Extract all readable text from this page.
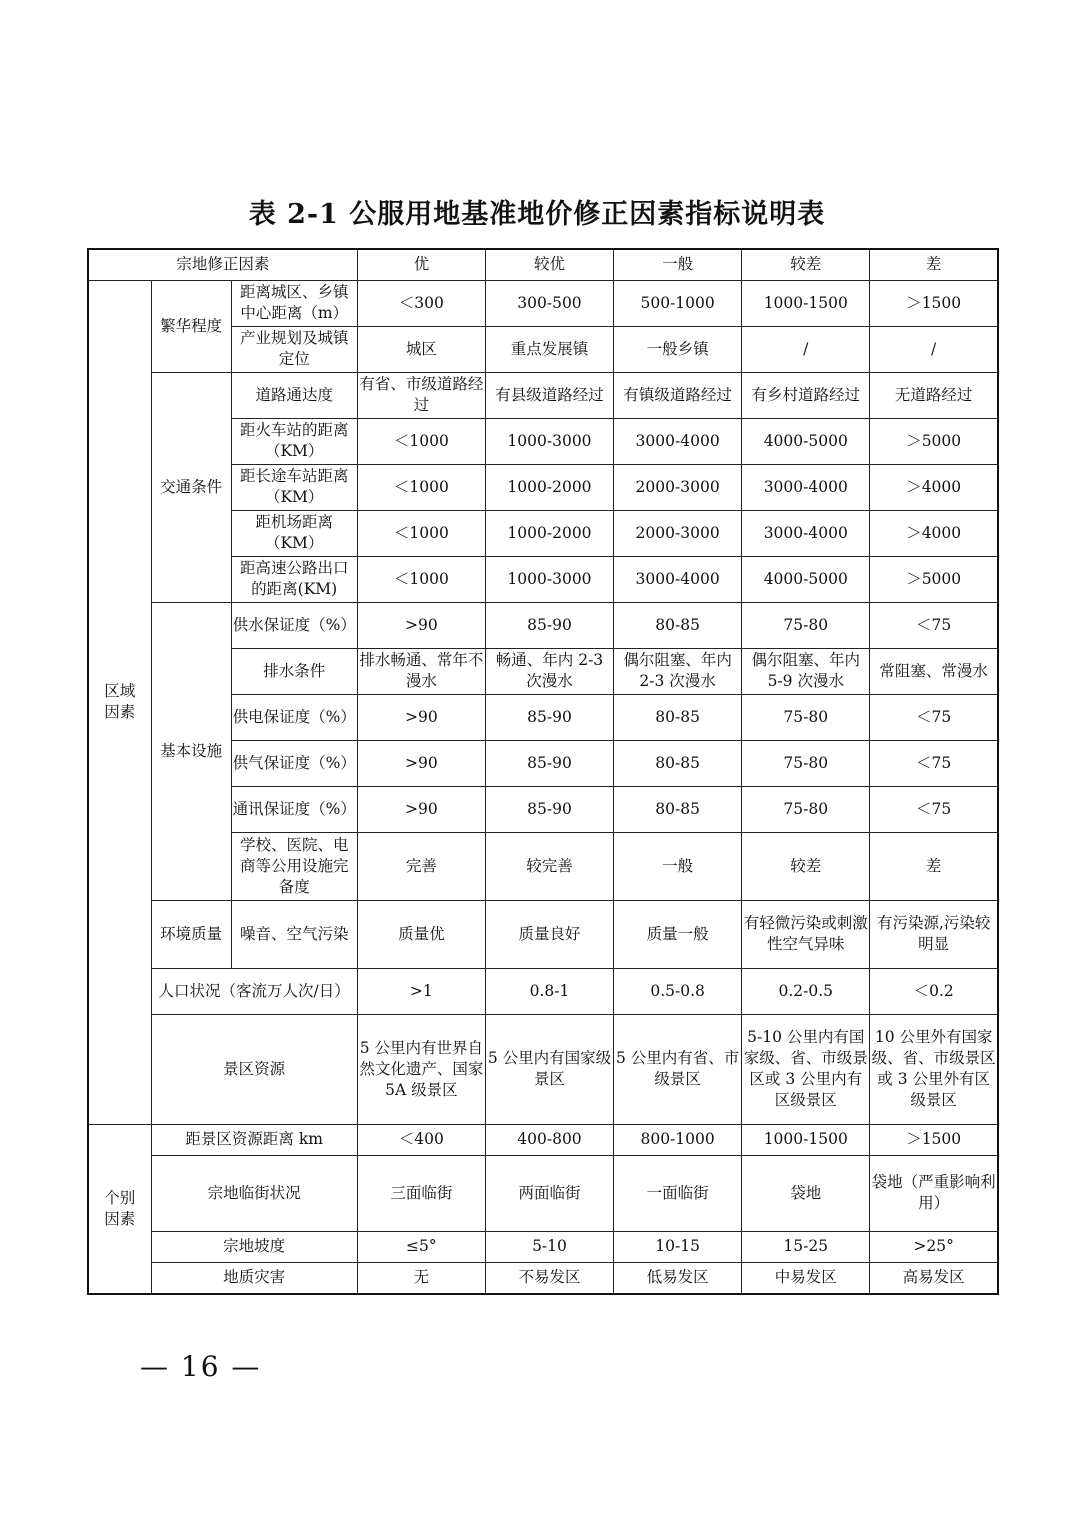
表 2-1 公服用地基准地价修正因素指标说明表
宗地修正因素			优	较优	一般	较差	差
区域因素	繁华程度	距离城区、乡镇中心距离（m）	＜300	300-500	500-1000	1000-1500	＞1500
		产业规划及城镇定位	城区	重点发展镇	一般乡镇	/	/
	交通条件	道路通达度	有省、市级道路经过	有县级道路经过	有镇级道路经过	有乡村道路经过	无道路经过
		距火车站的距离（KM）	＜1000	1000-3000	3000-4000	4000-5000	＞5000
		距长途车站距离（KM）	＜1000	1000-2000	2000-3000	3000-4000	＞4000
		距机场距离（KM）	＜1000	1000-2000	2000-3000	3000-4000	＞4000
		距高速公路出口的距离(KM)	＜1000	1000-3000	3000-4000	4000-5000	＞5000
	基本设施	供水保证度（%）	>90	85-90	80-85	75-80	＜75
		排水条件	排水畅通、常年不漫水	畅通、年内 2-3 次漫水	偶尔阻塞、年内 2-3 次漫水	偶尔阻塞、年内 5-9 次漫水	常阻塞、常漫水
		供电保证度（%）	>90	85-90	80-85	75-80	＜75
		供气保证度（%）	>90	85-90	80-85	75-80	＜75
		通讯保证度（%）	>90	85-90	80-85	75-80	＜75
		学校、医院、电商等公用设施完备度	完善	较完善	一般	较差	差
	环境质量	噪音、空气污染	质量优	质量良好	质量一般	有轻微污染或刺激性空气异味	有污染源,污染较明显
	人口状况（客流万人次/日）		>1	0.8-1	0.5-0.8	0.2-0.5	＜0.2
	景区资源		5 公里内有世界自然文化遗产、国家 5A 级景区	5 公里内有国家级景区	5 公里内有省、市级景区	5-10 公里内有国家级、省、市级景区或 3 公里内有区级景区	10 公里外有国家级、省、市级景区或 3 公里外有区级景区
个别因素	距景区资源距离 km		＜400	400-800	800-1000	1000-1500	＞1500
	宗地临街状况		三面临街	两面临街	一面临街	袋地	袋地（严重影响利用）
	宗地坡度		≤5°	5-10	10-15	15-25	>25°
	地质灾害		无	不易发区	低易发区	中易发区	高易发区
— 16 —
